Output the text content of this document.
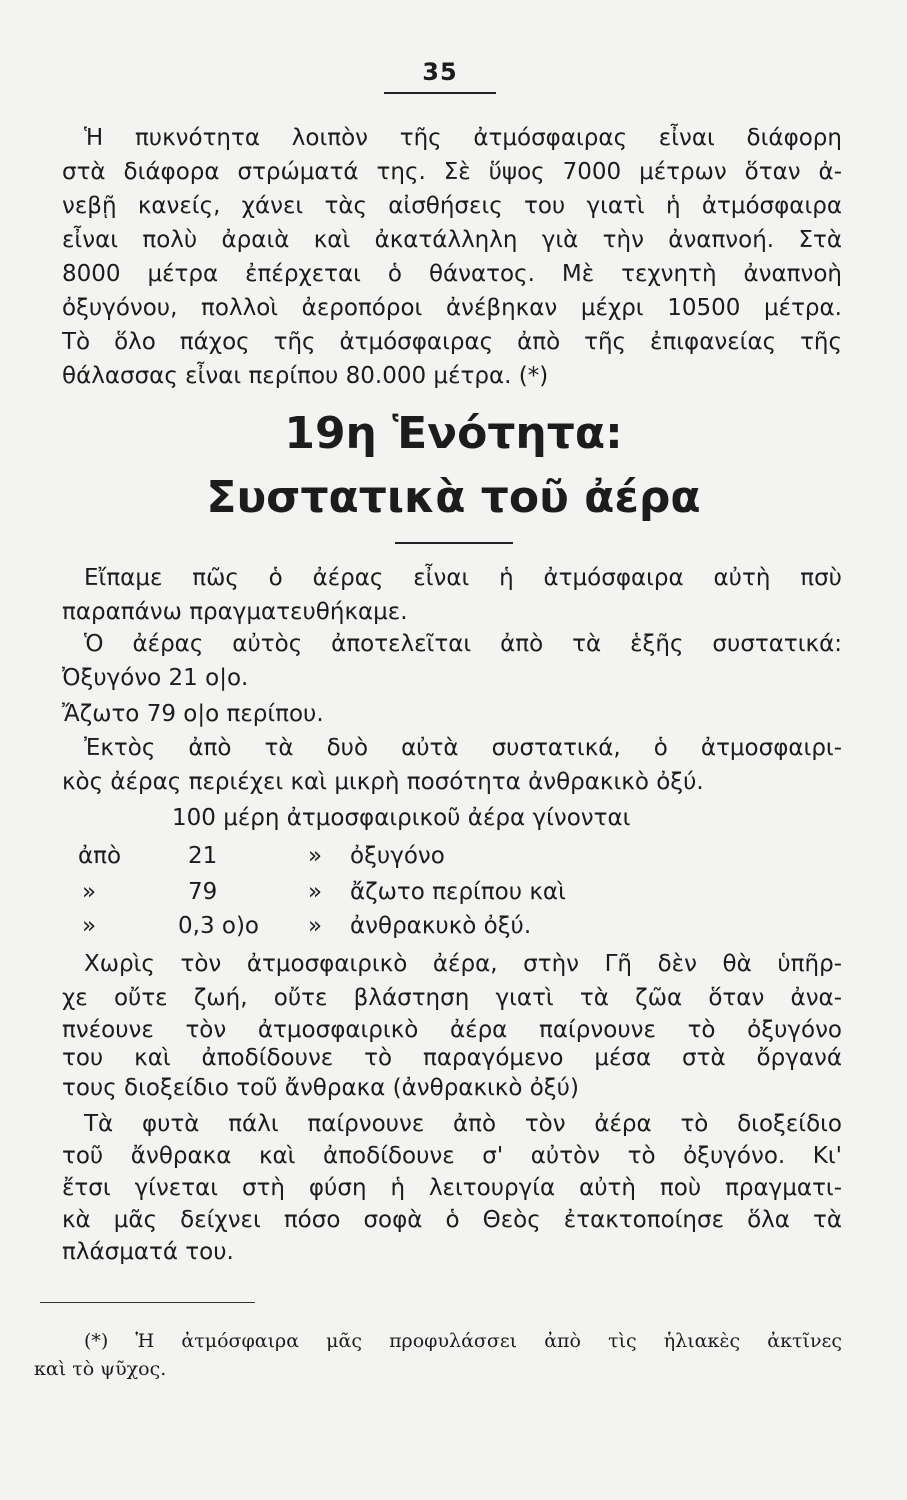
35
Ἡ πυκνότητα λοιπὸν τῆς ἀτμόσφαιρας εἶναι διάφορη
στὰ διάφορα στρώματά της. Σὲ ὕψος 7000 μέτρων ὅταν ἀ-
νεβῇ κανείς, χάνει τὰς αἰσθήσεις του γιατὶ ἡ ἀτμόσφαιρα
εἶναι πολὺ ἀραιὰ καὶ ἀκατάλληλη γιὰ τὴν ἀναπνοή. Στὰ
8000 μέτρα ἐπέρχεται ὁ θάνατος. Μὲ τεχνητὴ ἀναπνοὴ
ὀξυγόνου, πολλοὶ ἀεροπόροι ἀνέβηκαν μέχρι 10500 μέτρα.
Τὸ ὅλο πάχος τῆς ἀτμόσφαιρας ἀπὸ τῆς ἐπιφανείας τῆς
θάλασσας εἶναι περίπου 80.000 μέτρα. (*)
19η Ἑνότητα:
Συστατικὰ τοῦ ἀέρα
Εἴπαμε πῶς ὁ ἀέρας εἶναι ἡ ἀτμόσφαιρα αὐτὴ πσὺ
παραπάνω πραγματευθήκαμε.
Ὁ ἀέρας αὐτὸς ἀποτελεῖται ἀπὸ τὰ ἑξῆς συστατικά:
Ὀξυγόνο 21 ο|ο.
Ἄζωτο 79 ο|ο περίπου.
Ἐκτὸς ἀπὸ τὰ δυὸ αὐτὰ συστατικά, ὁ ἀτμοσφαιρι-
κὸς ἀέρας περιέχει καὶ μικρὴ ποσότητα ἀνθρακικὸ ὀξύ.
100 μέρη ἀτμοσφαιρικοῦ ἀέρα γίνονται
ἀπὸ	21	» ὀξυγόνο
»	79	» ἄζωτο περίπου καὶ
»	0,3 ο)ο » ἀνθρακυκὸ ὀξύ.
Χωρὶς τὸν ἀτμοσφαιρικὸ ἀέρα, στὴν Γῆ δὲν θὰ ὑπῆρ-
χε οὔτε ζωή, οὔτε βλάστηση γιατὶ τὰ ζῶα ὅταν ἀνα-
πνέουνε τὸν ἀτμοσφαιρικὸ ἀέρα παίρνουνε τὸ ὀξυγόνο
του καὶ ἀποδίδουνε τὸ παραγόμενο μέσα στὰ ὄργανά
τους διοξείδιο τοῦ ἄνθρακα (ἀνθρακικὸ ὀξύ)
Τὰ φυτὰ πάλι παίρνουνε ἀπὸ τὸν ἀέρα τὸ διοξείδιο
τοῦ ἄνθρακα καὶ ἀποδίδουνε σ' αὐτὸν τὸ ὀξυγόνο. Κι'
ἔτσι γίνεται στὴ φύση ἡ λειτουργία αὐτὴ ποὺ πραγματι-
κὰ μᾶς δείχνει πόσο σοφὰ ὁ Θεὸς ἐτακτοποίησε ὅλα τὰ
πλάσματά του.
(*) Ἡ ἀτμόσφαιρα μᾶς προφυλάσσει ἀπὸ τὶς ἡλιακὲς ἀκτῖνες
καὶ τὸ ψῦχος.
